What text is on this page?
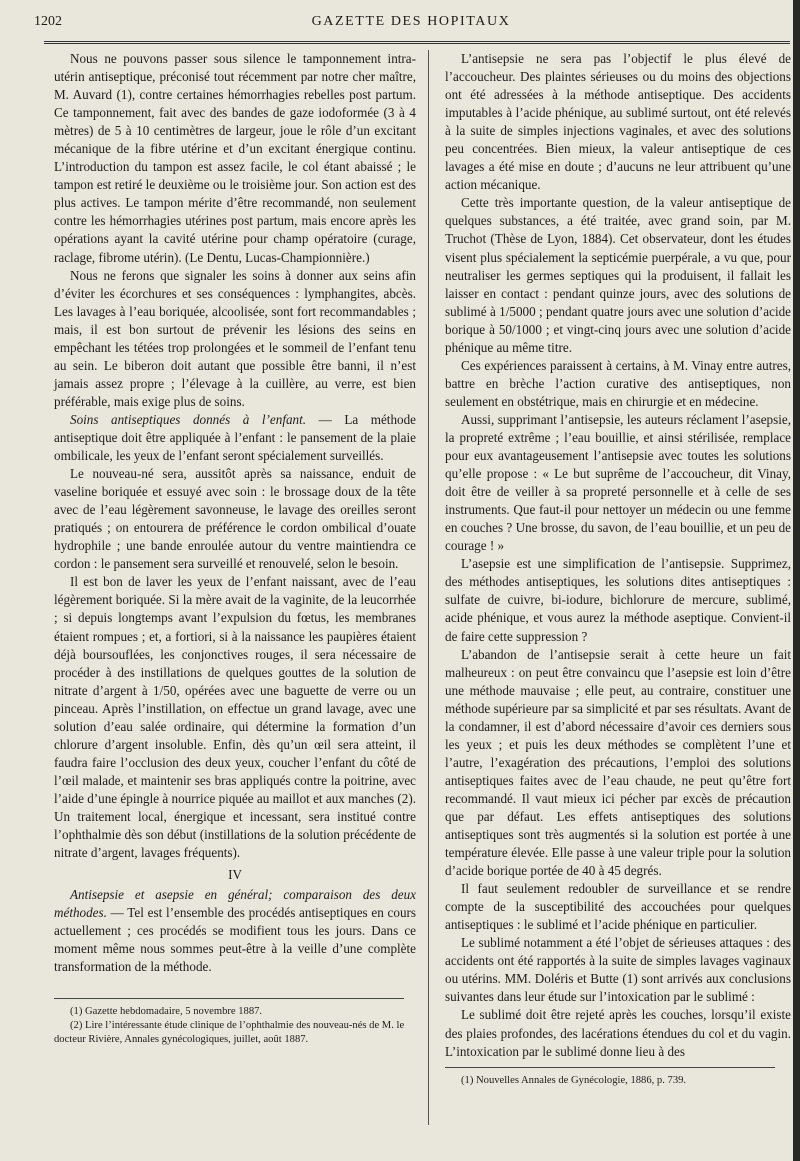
1202	GAZETTE DES HOPITAUX

Nous ne pouvons passer sous silence le tamponnement intra-utérin antiseptique, préconisé tout récemment par notre cher maître, M. Auvard (1), contre certaines hémorrhagies rebelles post partum. Ce tamponnement, fait avec des bandes de gaze iodoformée (3 à 4 mètres) de 5 à 10 centimètres de largeur, joue le rôle d’un excitant mécanique de la fibre utérine et d’un excitant énergique continu. L’introduction du tampon est assez facile, le col étant abaissé ; le tampon est retiré le deuxième ou le troisième jour. Son action est des plus actives. Le tampon mérite d’être recommandé, non seulement contre les hémorrhagies utérines post partum, mais encore après les opérations ayant la cavité utérine pour champ opératoire (curage, raclage, fibrome utérin). (Le Dentu, Lucas-Championnière.)

Nous ne ferons que signaler les soins à donner aux seins afin d’éviter les écorchures et ses conséquences : lymphangites, abcès. Les lavages à l’eau boriquée, alcoolisée, sont fort recommandables ; mais, il est bon surtout de prévenir les lésions des seins en empêchant les tétées trop prolongées et le sommeil de l’enfant tenu au sein. Le biberon doit autant que possible être banni, il n’est jamais assez propre ; l’élevage à la cuillère, au verre, est bien préférable, mais exige plus de soins.

Soins antiseptiques donnés à l’enfant. — La méthode antiseptique doit être appliquée à l’enfant : le pansement de la plaie ombilicale, les yeux de l’enfant seront spécialement surveillés.

Le nouveau-né sera, aussitôt après sa naissance, enduit de vaseline boriquée et essuyé avec soin : le brossage doux de la tête avec de l’eau légèrement savonneuse, le lavage des oreilles seront pratiqués ; on entourera de préférence le cordon ombilical d’ouate hydrophile ; une bande enroulée autour du ventre maintiendra ce cordon : le pansement sera surveillé et renouvelé, selon le besoin.

Il est bon de laver les yeux de l’enfant naissant, avec de l’eau légèrement boriquée. Si la mère avait de la vaginite, de la leucorrhée ; si depuis longtemps avant l’expulsion du fœtus, les membranes étaient rompues ; et, a fortiori, si à la naissance les paupières étaient déjà boursouflées, les conjonctives rouges, il sera nécessaire de procéder à des instillations de quelques gouttes de la solution de nitrate d’argent à 1/50, opérées avec une baguette de verre ou un pinceau. Après l’instillation, on effectue un grand lavage, avec une solution d’eau salée ordinaire, qui détermine la formation d’un chlorure d’argent insoluble. Enfin, dès qu’un œil sera atteint, il faudra faire l’occlusion des deux yeux, coucher l’enfant du côté de l’œil malade, et maintenir ses bras appliqués contre la poitrine, avec l’aide d’une épingle à nourrice piquée au maillot et aux manches (2). Un traitement local, énergique et incessant, sera institué contre l’ophthalmie dès son début (instillations de la solution précédente de nitrate d’argent, lavages fréquents).

IV

Antisepsie et asepsie en général; comparaison des deux méthodes. — Tel est l’ensemble des procédés antiseptiques en cours actuellement ; ces procédés se modifient tous les jours. Dans ce moment même nous sommes peut-être à la veille d’une complète transformation de la méthode.

(1) Gazette hebdomadaire, 5 novembre 1887.

(2) Lire l’intéressante étude clinique de l’ophthalmie des nouveau-nés de M. le docteur Rivière, Annales gynécologiques, juillet, août 1887.

L’antisepsie ne sera pas l’objectif le plus élevé de l’accoucheur. Des plaintes sérieuses ou du moins des objections ont été adressées à la méthode antiseptique. Des accidents imputables à l’acide phénique, au sublimé surtout, ont été relevés à la suite de simples injections vaginales, et avec des solutions peu concentrées. Bien mieux, la valeur antiseptique de ces lavages a été mise en doute ; d’aucuns ne leur attribuent qu’une action mécanique.

Cette très importante question, de la valeur antiseptique de quelques substances, a été traitée, avec grand soin, par M. Truchot (Thèse de Lyon, 1884). Cet observateur, dont les études visent plus spécialement la septicémie puerpérale, a vu que, pour neutraliser les germes septiques qui la produisent, il fallait les laisser en contact : pendant quinze jours, avec des solutions de sublimé à 1/5000 ; pendant quatre jours avec une solution d’acide borique à 50/1000 ; et vingt-cinq jours avec une solution d’acide phénique au même titre.

Ces expériences paraissent à certains, à M. Vinay entre autres, battre en brèche l’action curative des antiseptiques, non seulement en obstétrique, mais en chirurgie et en médecine.

Aussi, supprimant l’antisepsie, les auteurs réclament l’asepsie, la propreté extrême ; l’eau bouillie, et ainsi stérilisée, remplace pour eux avantageusement l’antisepsie avec toutes les solutions qu’elle propose : « Le but suprême de l’accoucheur, dit Vinay, doit être de veiller à sa propreté personnelle et à celle de ses instruments. Que faut-il pour nettoyer un médecin ou une femme en couches ? Une brosse, du savon, de l’eau bouillie, et un peu de courage ! »

L’asepsie est une simplification de l’antisepsie. Supprimez, des méthodes antiseptiques, les solutions dites antiseptiques : sulfate de cuivre, bi-iodure, bichlorure de mercure, sublimé, acide phénique, et vous aurez la méthode aseptique. Convient-il de faire cette suppression ?

L’abandon de l’antisepsie serait à cette heure un fait malheureux : on peut être convaincu que l’asepsie est loin d’être une méthode mauvaise ; elle peut, au contraire, constituer une méthode supérieure par sa simplicité et par ses résultats. Avant de la condamner, il est d’abord nécessaire d’avoir ces derniers sous les yeux ; et puis les deux méthodes se complètent l’une et l’autre, l’exagération des précautions, l’emploi des solutions antiseptiques faites avec de l’eau chaude, ne peut qu’être fort recommandé. Il vaut mieux ici pécher par excès de précaution que par défaut. Les effets antiseptiques des solutions antiseptiques sont très augmentés si la solution est portée à une température élevée. Elle passe à une valeur triple pour la solution d’acide borique portée de 40 à 45 degrés.

Il faut seulement redoubler de surveillance et se rendre compte de la susceptibilité des accouchées pour quelques antiseptiques : le sublimé et l’acide phénique en particulier.

Le sublimé notamment a été l’objet de sérieuses attaques : des accidents ont été rapportés à la suite de simples lavages vaginaux ou utérins. MM. Doléris et Butte (1) sont arrivés aux conclusions suivantes dans leur étude sur l’intoxication par le sublimé :

Le sublimé doit être rejeté après les couches, lorsqu’il existe des plaies profondes, des lacérations étendues du col et du vagin. L’intoxication par le sublimé donne lieu à des

(1) Nouvelles Annales de Gynécologie, 1886, p. 739.
